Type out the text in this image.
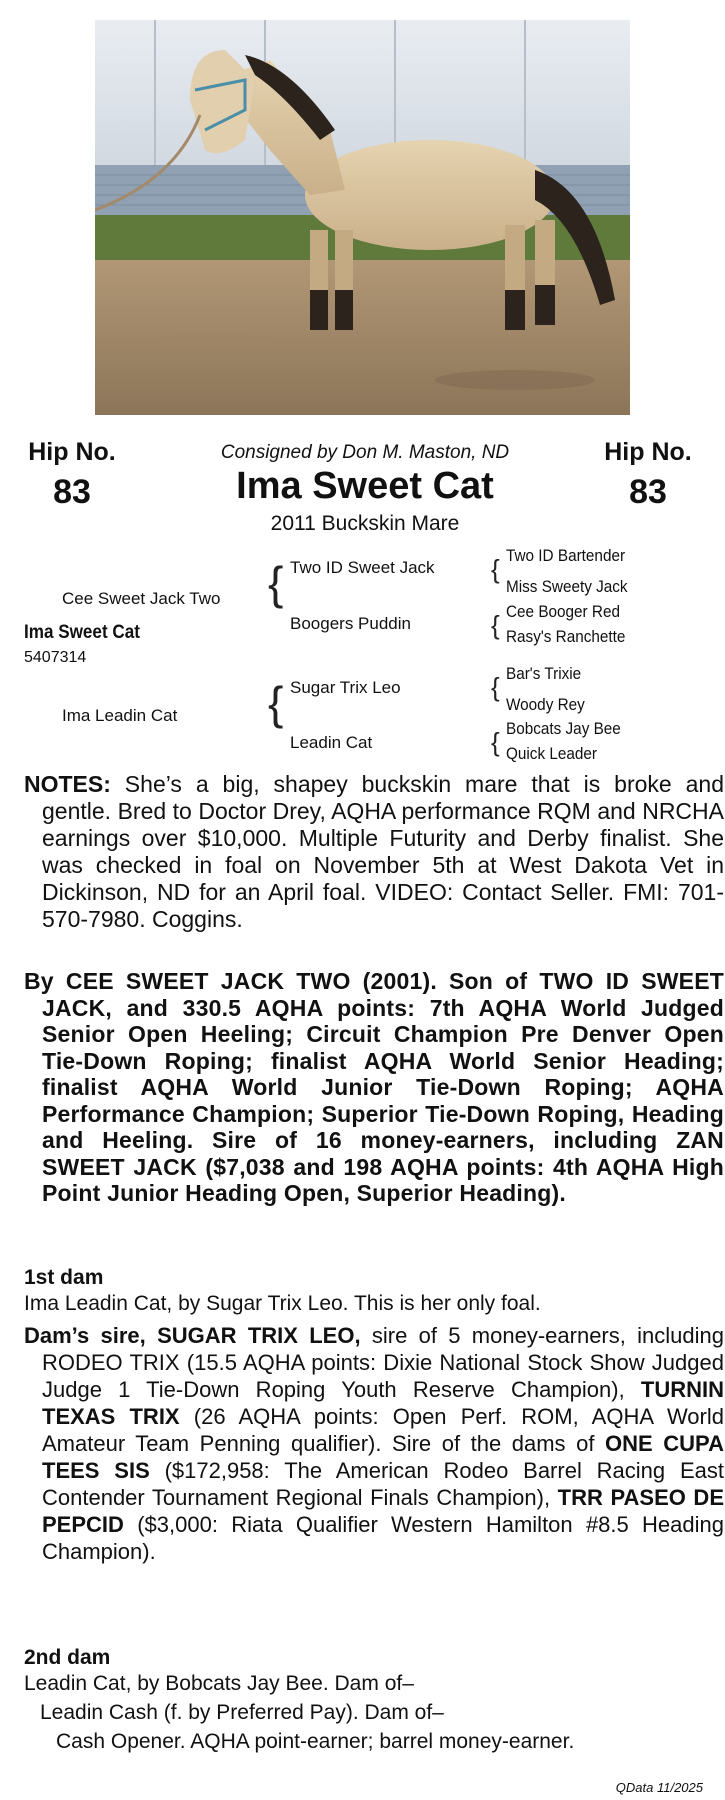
Hip No.
83
Hip No.
83
Consigned by Don M. Maston, ND
Ima Sweet Cat
2011 Buckskin Mare
Cee Sweet Jack Two
Ima Sweet Cat
5407314
Ima Leadin Cat
{ Two ID Sweet Jack
Boogers Puddin
{ Sugar Trix Leo
Leadin Cat
{ Two ID Bartender
Miss Sweety Jack
{ Cee Booger Red
Rasy's Ranchette
{ Bar's Trixie
Woody Rey
{ Bobcats Jay Bee
Quick Leader
NOTES: She’s a big, shapey buckskin mare that is broke and gentle. Bred to Doctor Drey, AQHA performance RQM and NRCHA earnings over $10,000. Multiple Futurity and Derby finalist. She was checked in foal on November 5th at West Dakota Vet in Dickinson, ND for an April foal. VIDEO: Contact Seller. FMI: 701-570-7980. Coggins.
By CEE SWEET JACK TWO (2001). Son of TWO ID SWEET JACK, and 330.5 AQHA points: 7th AQHA World Judged Senior Open Heeling; Circuit Champion Pre Denver Open Tie-Down Roping; finalist AQHA World Senior Heading; finalist AQHA World Junior Tie-Down Roping; AQHA Performance Champion; Superior Tie-Down Roping, Heading and Heeling. Sire of 16 money-earners, including ZAN SWEET JACK ($7,038 and 198 AQHA points: 4th AQHA High Point Junior Heading Open, Superior Heading).
1st dam
Ima Leadin Cat, by Sugar Trix Leo. This is her only foal.
Dam’s sire, SUGAR TRIX LEO, sire of 5 money-earners, including RODEO TRIX (15.5 AQHA points: Dixie National Stock Show Judged Judge 1 Tie-Down Roping Youth Reserve Champion), TURNIN TEXAS TRIX (26 AQHA points: Open Perf. ROM, AQHA World Amateur Team Penning qualifier). Sire of the dams of ONE CUPA TEES SIS ($172,958: The American Rodeo Barrel Racing East Contender Tournament Regional Finals Champion), TRR PASEO DE PEPCID ($3,000: Riata Qualifier Western Hamilton #8.5 Heading Champion).
2nd dam
Leadin Cat, by Bobcats Jay Bee. Dam of–
Leadin Cash (f. by Preferred Pay). Dam of–
Cash Opener. AQHA point-earner; barrel money-earner.
QData 11/2025
